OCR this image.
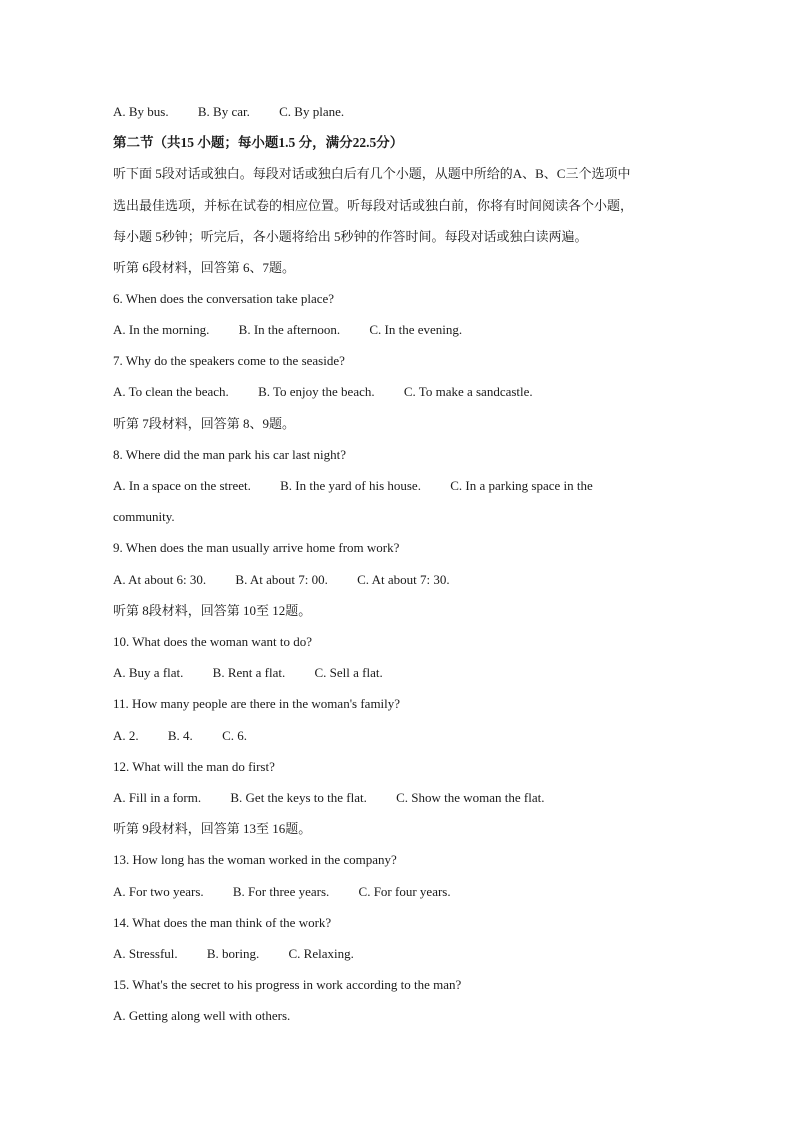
A. By bus. B. By car. C. By plane.
第二节（共15 小题；每小题1.5 分，满分22.5分）
听下面 5段对话或独白。每段对话或独白后有几个小题，从题中所给的A、B、C三个选项中
选出最佳选项，并标在试卷的相应位置。听每段对话或独白前，你将有时间阅读各个小题，
每小题 5秒钟；听完后，各小题将给出 5秒钟的作答时间。每段对话或独白读两遍。
听第 6段材料，回答第 6、7题。
6. When does the conversation take place?
A. In the morning. B. In the afternoon. C. In the evening.
7. Why do the speakers come to the seaside?
A. To clean the beach. B. To enjoy the beach. C. To make a sandcastle.
听第 7段材料，回答第 8、9题。
8. Where did the man park his car last night?
A. In a space on the street. B. In the yard of his house. C. In a parking space in the
community.
9. When does the man usually arrive home from work?
A. At about 6: 30. B. At about 7: 00. C. At about 7: 30.
听第 8段材料，回答第 10至 12题。
10. What does the woman want to do?
A. Buy a flat. B. Rent a flat. C. Sell a flat.
11. How many people are there in the woman's family?
A. 2. B. 4. C. 6.
12. What will the man do first?
A. Fill in a form. B. Get the keys to the flat. C. Show the woman the flat.
听第 9段材料，回答第 13至 16题。
13. How long has the woman worked in the company?
A. For two years. B. For three years. C. For four years.
14. What does the man think of the work?
A. Stressful. B. boring. C. Relaxing.
15. What's the secret to his progress in work according to the man?
A. Getting along well with others.
